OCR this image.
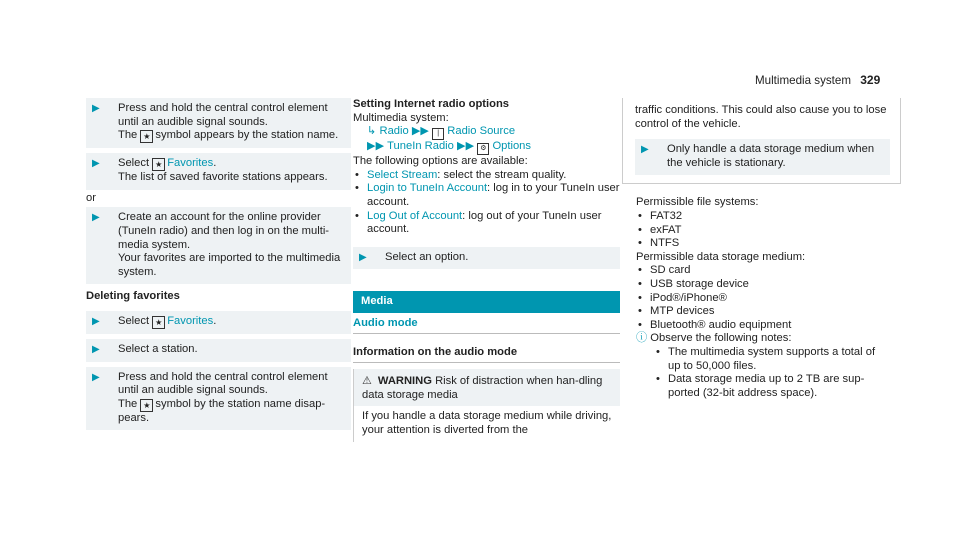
Multimedia system 329
▶	Press and hold the central control element until an audible signal sounds.
The ★ symbol appears by the station name.
▶	Select ★ Favorites.
The list of saved favorite stations appears.
or
▶	Create an account for the online provider (TuneIn radio) and then log in on the multi-media system.
Your favorites are imported to the multimedia system.
Deleting favorites
▶	Select ★ Favorites.
▶	Select a station.
▶	Press and hold the central control element until an audible signal sounds.
The ★ symbol by the station name disap-pears.
Setting Internet radio options
Multimedia system:
↳ Radio ▶▶ | Radio Source
▶▶ TuneIn Radio ▶▶ ⚙ Options
The following options are available:
• Select Stream: select the stream quality.
• Login to TuneIn Account: log in to your TuneIn user account.
• Log Out of Account: log out of your TuneIn user account.
▶	Select an option.
Media
Audio mode
Information on the audio mode
⚠ WARNING Risk of distraction when han-dling data storage media
If you handle a data storage medium while driving, your attention is diverted from the
traffic conditions. This could also cause you to lose control of the vehicle.
▶	Only handle a data storage medium when the vehicle is stationary.
Permissible file systems:
• FAT32
• exFAT
• NTFS
Permissible data storage medium:
• SD card
• USB storage device
• iPod®/iPhone®
• MTP devices
• Bluetooth® audio equipment
ⓘ Observe the following notes:
• The multimedia system supports a total of up to 50,000 files.
• Data storage media up to 2 TB are sup-ported (32-bit address space).
